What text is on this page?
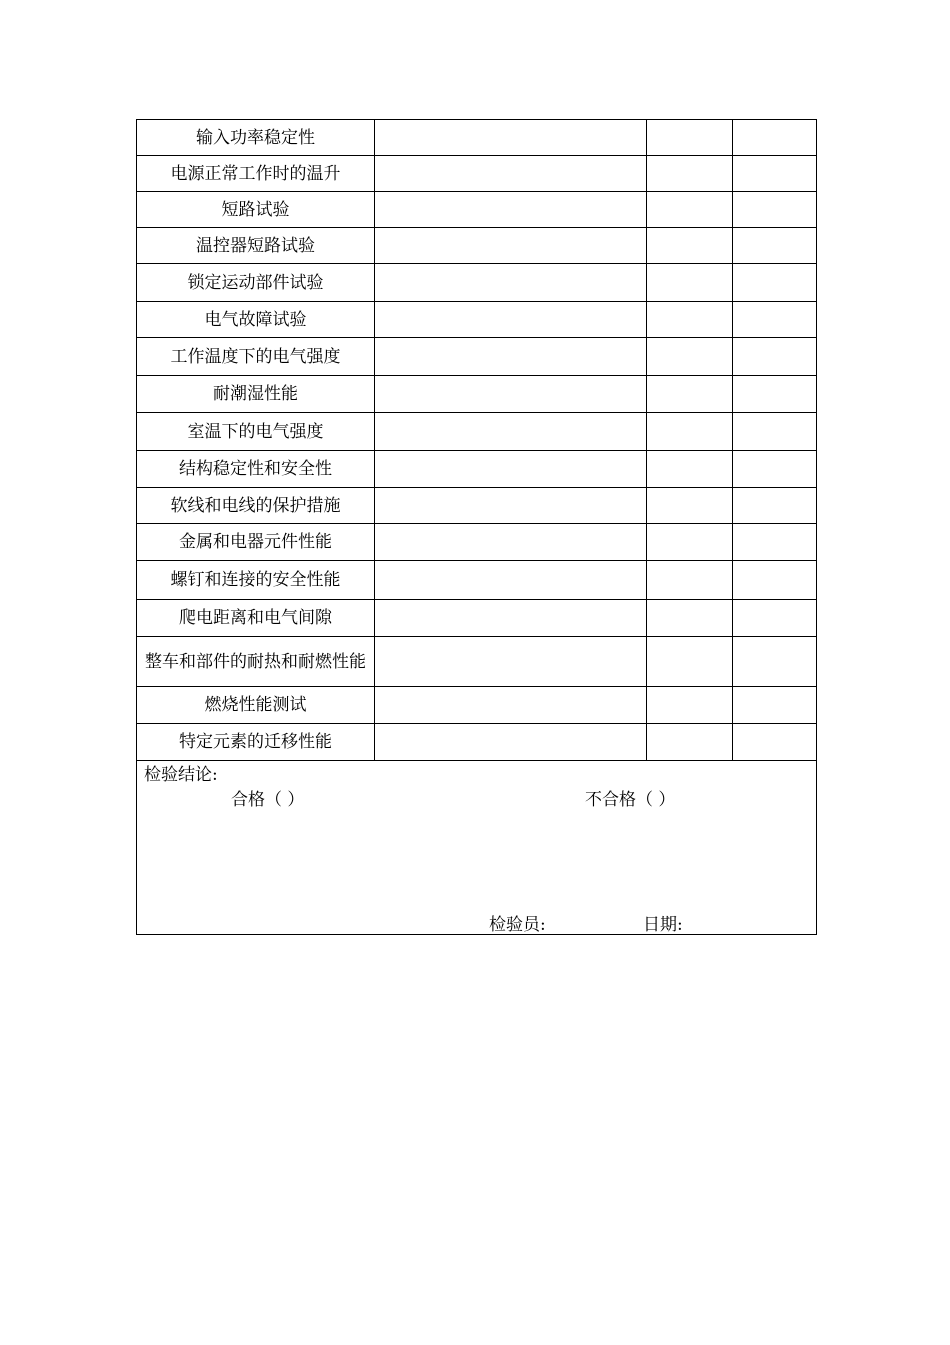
输入功率稳定性			
电源正常工作时的温升			
短路试验			
温控器短路试验			
锁定运动部件试验			
电气故障试验			
工作温度下的电气强度			
耐潮湿性能			
室温下的电气强度			
结构稳定性和安全性			
软线和电线的保护措施			
金属和电器元件性能			
螺钉和连接的安全性能			
爬电距离和电气间隙			
整车和部件的耐热和耐燃性能			
燃烧性能测试			
特定元素的迁移性能			

检验结论:
合格（ ） 不合格（ ）
检验员: 日期:			
